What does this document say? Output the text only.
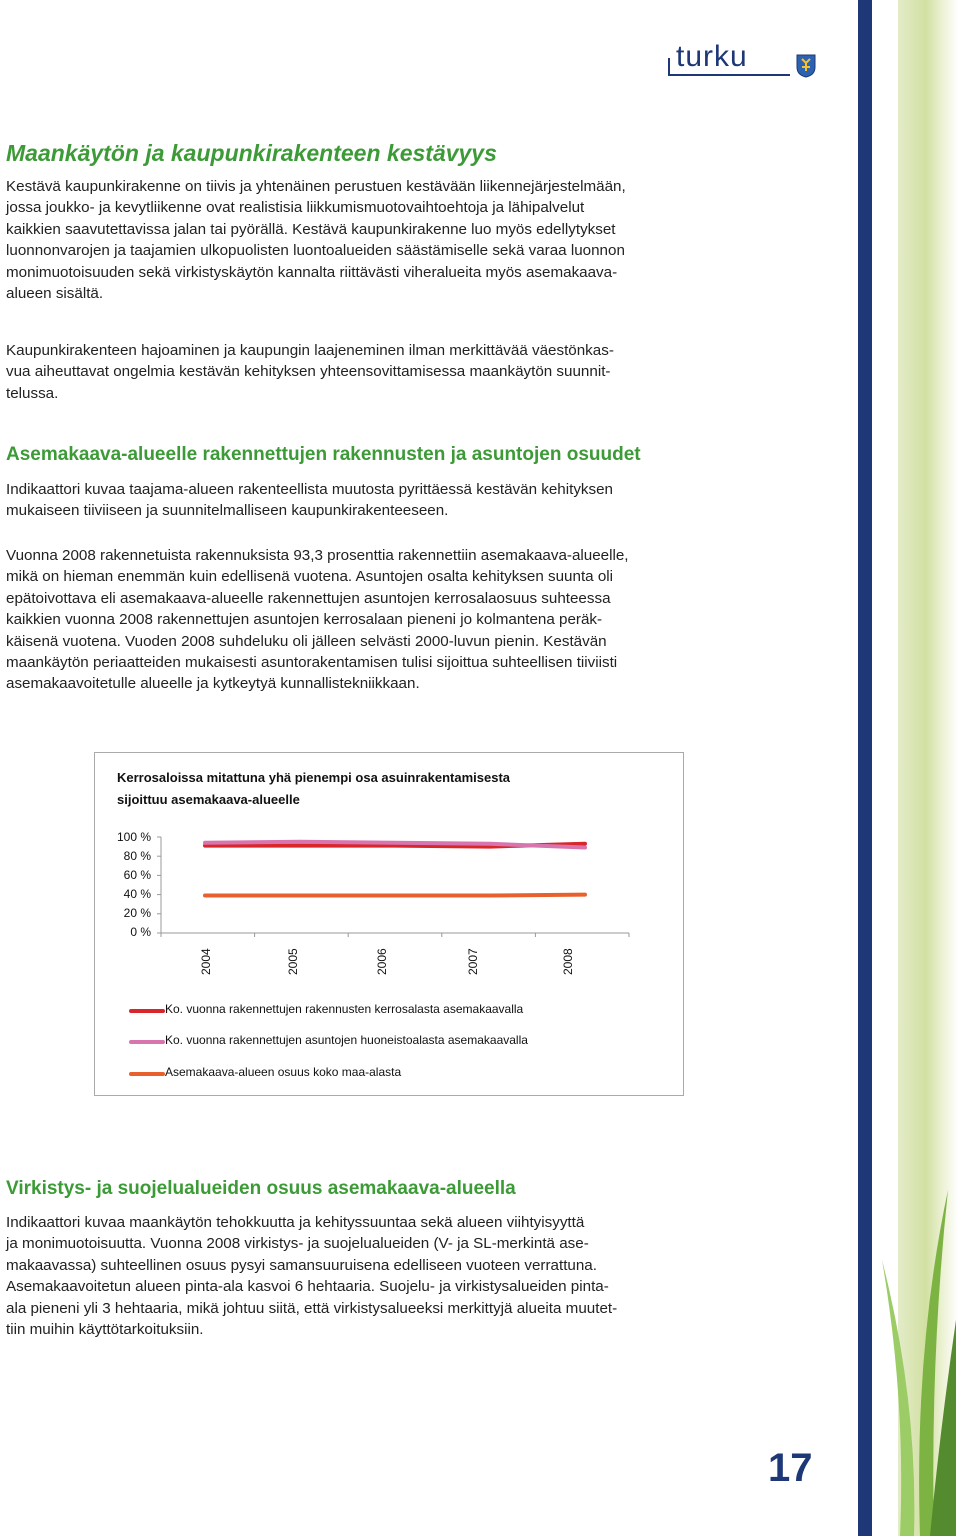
turku
Maankäytön ja kaupunkirakenteen kestävyys
Kestävä kaupunkirakenne on tiivis ja yhtenäinen perustuen kestävään liikennejärjestelmään,
jossa joukko- ja kevytliikenne ovat realistisia liikkumismuotovaihtoehtoja ja lähipalvelut
kaikkien saavutettavissa jalan tai pyörällä. Kestävä kaupunkirakenne luo myös edellytykset
luonnonvarojen ja taajamien ulkopuolisten luontoalueiden säästämiselle sekä varaa luonnon
monimuotoisuuden sekä virkistyskäytön kannalta riittävästi viheralueita myös asemakaava-
alueen sisältä.
Kaupunkirakenteen hajoaminen ja kaupungin laajeneminen ilman merkittävää väestönkas-
vua aiheuttavat ongelmia kestävän kehityksen yhteensovittamisessa maankäytön suunnit-
telussa.
Asemakaava-alueelle rakennettujen rakennusten ja asuntojen osuudet
Indikaattori kuvaa taajama-alueen rakenteellista muutosta pyrittäessä kestävän kehityksen
mukaiseen tiiviiseen ja suunnitelmalliseen kaupunkirakenteeseen.
Vuonna 2008 rakennetuista rakennuksista 93,3 prosenttia rakennettiin asemakaava-alueelle,
mikä on hieman enemmän kuin edellisenä vuotena. Asuntojen osalta kehityksen suunta oli
epätoivottava eli asemakaava-alueelle rakennettujen asuntojen kerrosalaosuus suhteessa
kaikkien vuonna 2008 rakennettujen asuntojen kerrosalaan pieneni jo kolmantena peräk-
käisenä vuotena. Vuoden 2008 suhdeluku oli jälleen selvästi 2000-luvun pienin. Kestävän
maankäytön periaatteiden mukaisesti asuntorakentamisen tulisi sijoittua suhteellisen tiiviisti
asemakaavoitetulle alueelle ja kytkeytyä kunnallistekniikkaan.
Kerrosaloissa mitattuna yhä pienempi osa asuinrakentamisesta
sijoittuu asemakaava-alueelle
100 %
80 %
60 %
40 %
20 %
0 %
2004	2005	2006	2007	2008
Ko. vuonna rakennettujen rakennusten kerrosalasta asemakaavalla
Ko. vuonna rakennettujen asuntojen huoneistoalasta asemakaavalla
Asemakaava-alueen osuus koko maa-alasta
Virkistys- ja suojelualueiden osuus asemakaava-alueella
Indikaattori kuvaa maankäytön tehokkuutta ja kehityssuuntaa sekä alueen viihtyisyyttä
ja monimuotoisuutta. Vuonna 2008 virkistys- ja suojelualueiden (V- ja SL-merkintä ase-
makaavassa) suhteellinen osuus pysyi samansuuruisena edelliseen vuoteen verrattuna.
Asemakaavoitetun alueen pinta-ala kasvoi 6 hehtaaria. Suojelu- ja virkistysalueiden pinta-
ala pieneni yli 3 hehtaaria, mikä johtuu siitä, että virkistysalueeksi merkittyjä alueita muutet-
tiin muihin käyttötarkoituksiin.
17
